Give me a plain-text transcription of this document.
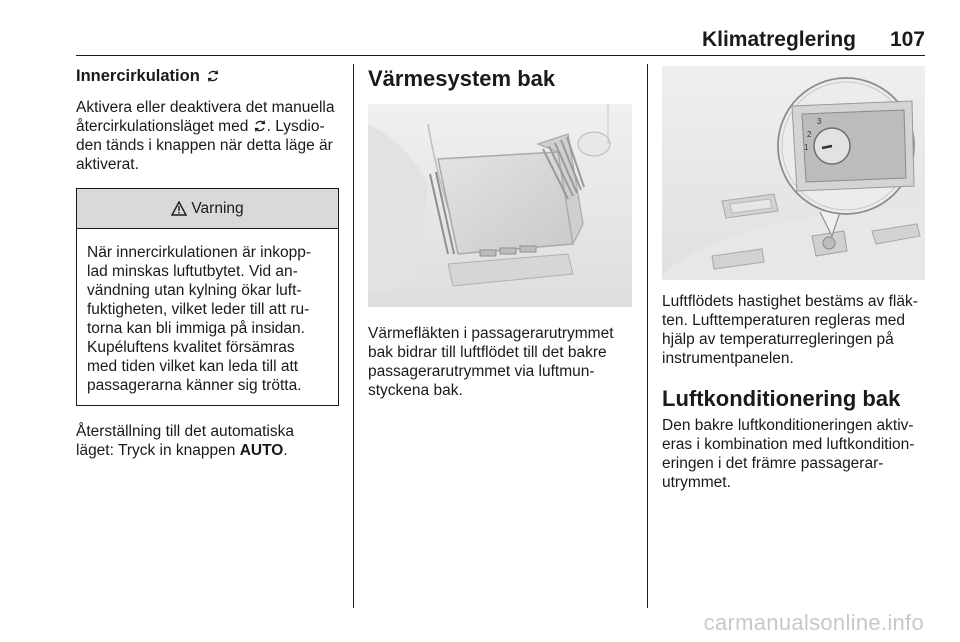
Klimatreglering 107
Innercirkulation

Aktivera eller deaktivera det manuella
återcirkulationsläget med . Lysdio-
den tänds i knappen när detta läge är
aktiverat.

Varning
När innercirkulationen är inkopp-
lad minskas luftutbytet. Vid an-
vändning utan kylning ökar luft-
fuktigheten, vilket leder till att ru-
torna kan bli immiga på insidan.
Kupéluftens kvalitet försämras
med tiden vilket kan leda till att
passagerarna känner sig trötta.

Återställning till det automatiska
läget: Tryck in knappen AUTO.

Värmesystem bak

Värmefläkten i passagerarutrymmet
bak bidrar till luftflödet till det bakre
passagerarutrymmet via luftmun-
styckena bak.

3
2
1

Luftflödets hastighet bestäms av fläk-
ten. Lufttemperaturen regleras med
hjälp av temperaturregleringen på
instrumentpanelen.

Luftkonditionering bak

Den bakre luftkonditioneringen aktiv-
eras i kombination med luftkondition-
eringen i det främre passagerar-
utrymmet.

carmanualsonline.info
